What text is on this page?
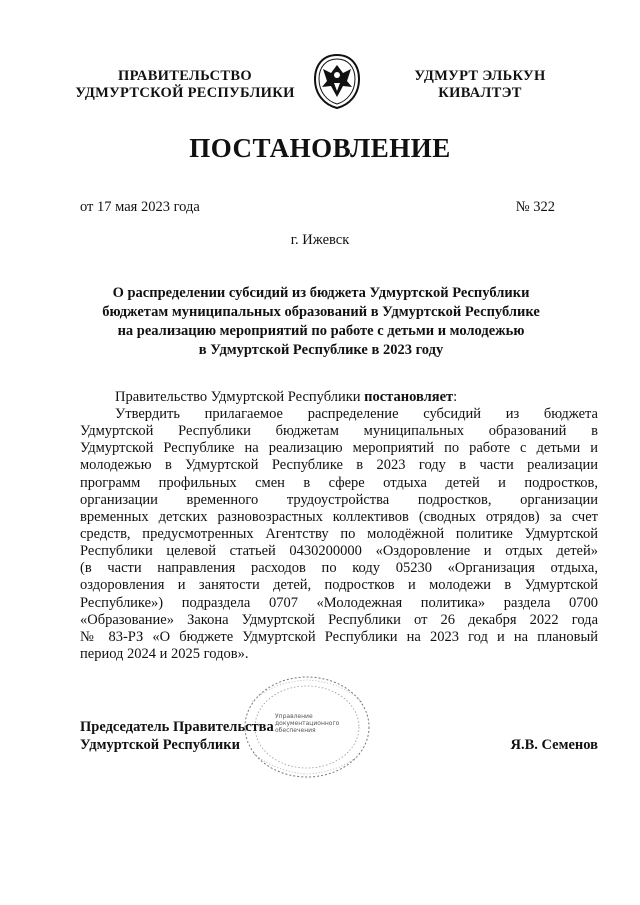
ПРАВИТЕЛЬСТВО
УДМУРТСКОЙ РЕСПУБЛИКИ
УДМУРТ ЭЛЬКУН
КИВАЛТЭТ
ПОСТАНОВЛЕНИЕ
от 17 мая 2023 года	№ 322
г. Ижевск
О распределении субсидий из бюджета Удмуртской Республики
бюджетам муниципальных образований в Удмуртской Республике
на реализацию мероприятий по работе с детьми и молодежью
в Удмуртской Республике в 2023 году
Правительство Удмуртской Республики постановляет:
Утвердить прилагаемое распределение субсидий из бюджета
Удмуртской Республики бюджетам муниципальных образований в
Удмуртской Республике на реализацию мероприятий по работе с детьми и
молодежью в Удмуртской Республике в 2023 году в части реализации
программ профильных смен в сфере отдыха детей и подростков,
организации временного трудоустройства подростков, организации
временных детских разновозрастных коллективов (сводных отрядов) за счет
средств, предусмотренных Агентству по молодёжной политике Удмуртской
Республики целевой статьей 0430200000 «Оздоровление и отдых детей»
(в части направления расходов по коду 05230 «Организация отдыха,
оздоровления и занятости детей, подростков и молодежи в Удмуртской
Республике») подраздела 0707 «Молодежная политика» раздела 0700
«Образование» Закона Удмуртской Республики от 26 декабря 2022 года
№ 83-РЗ «О бюджете Удмуртской Республики на 2023 год и на плановый
период 2024 и 2025 годов».
Управление
документационного
обеспечения
Председатель Правительства
Удмуртской Республики	Я.В. Семенов
